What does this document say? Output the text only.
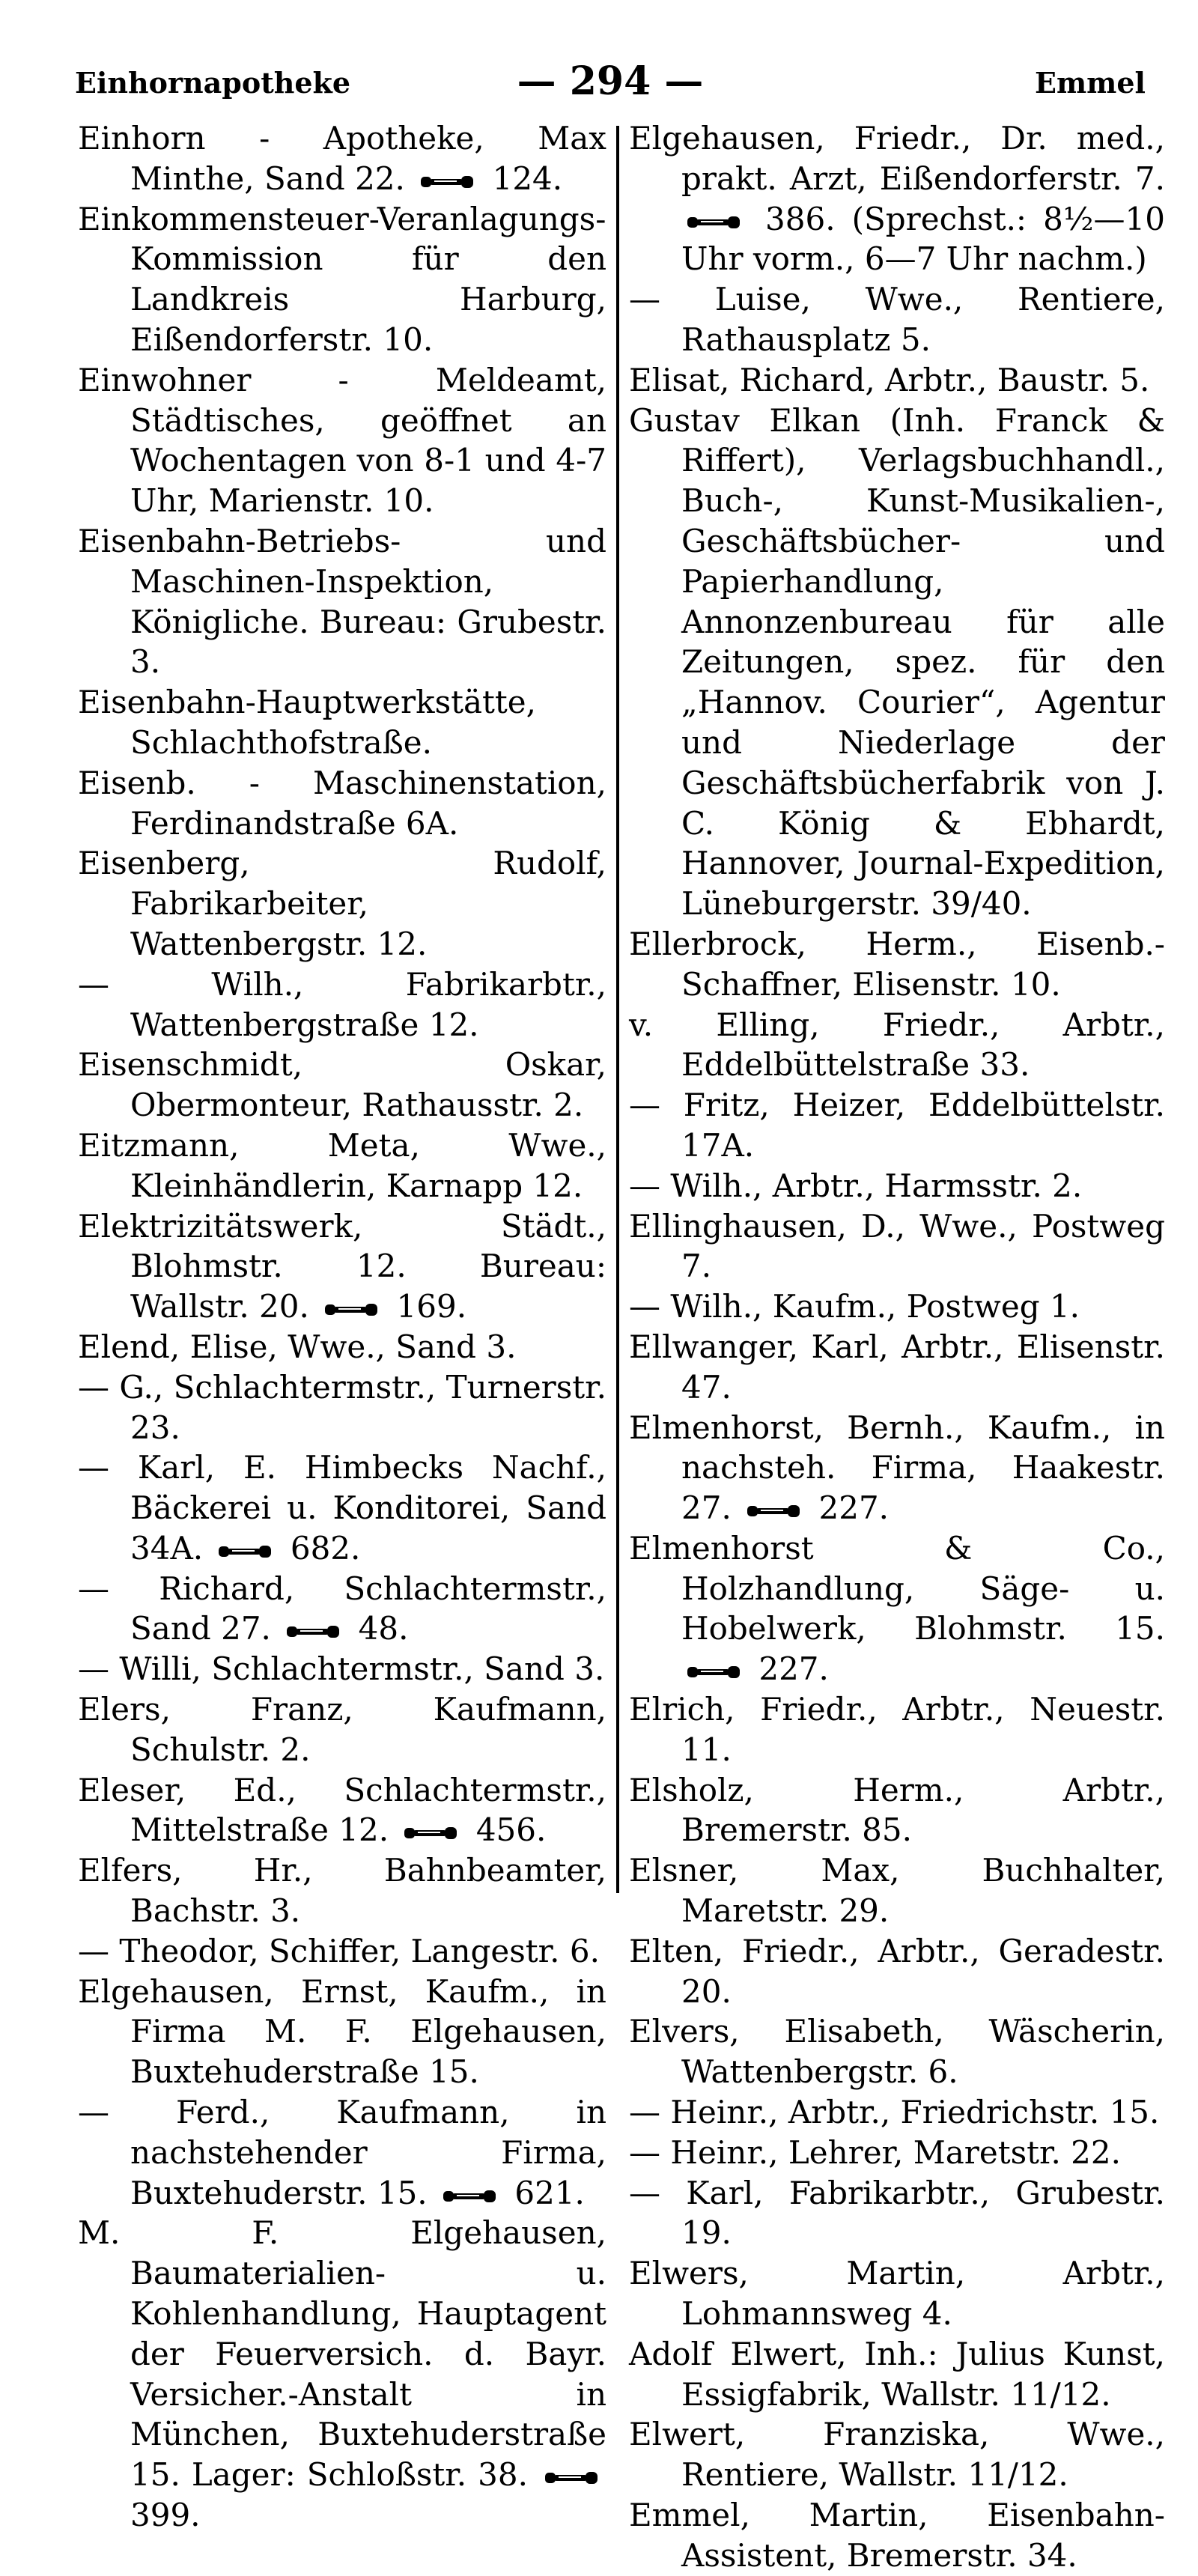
Einhornapotheke	— 294 —	Emmel

Einhorn - Apotheke, Max Minthe, Sand 22.	124.

Einkommensteuer-Veranlagungs-Kommission für den Landkreis Harburg, Eißendorferstr. 10.

Einwohner - Meldeamt, Städtisches, geöffnet an Wochentagen von 8-1 und 4-7 Uhr, Marienstr. 10.

Eisenbahn-Betriebs- und Maschinen-Inspektion, Königliche. Bureau: Grubestr. 3.

Eisenbahn-Hauptwerkstätte, Schlachthofstraße.

Eisenb. - Maschinenstation, Ferdinandstraße 6A.

Eisenberg, Rudolf, Fabrikarbeiter, Wattenbergstr. 12.

— Wilh., Fabrikarbtr., Wattenbergstraße 12.

Eisenschmidt, Oskar, Obermonteur, Rathausstr. 2.

Eitzmann, Meta, Wwe., Kleinhändlerin, Karnapp 12.

Elektrizitätswerk, Städt., Blohmstr. 12. Bureau: Wallstr. 20.	169.

Elend, Elise, Wwe., Sand 3.

— G., Schlachtermstr., Turnerstr. 23.

— Karl, E. Himbecks Nachf., Bäckerei u. Konditorei, Sand 34A.	682.

— Richard, Schlachtermstr., Sand 27.	48.

— Willi, Schlachtermstr., Sand 3.

Elers, Franz, Kaufmann, Schulstr. 2.

Eleser, Ed., Schlachtermstr., Mittelstraße 12.	456.

Elfers, Hr., Bahnbeamter, Bachstr. 3.

— Theodor, Schiffer, Langestr. 6.

Elgehausen, Ernst, Kaufm., in Firma M. F. Elgehausen, Buxtehuderstraße 15.

— Ferd., Kaufmann, in nachstehender Firma, Buxtehuderstr. 15.	621.

M. F. Elgehausen, Baumaterialien- u. Kohlenhandlung, Hauptagent der Feuerversich. d. Bayr. Versicher.-Anstalt in München, Buxtehuderstraße 15. Lager: Schloßstr. 38.
399.

Elgehausen, Friedr., Dr. med., prakt. Arzt, Eißendorferstr. 7.
386. (Sprechst.: 8½—10 Uhr vorm., 6—7 Uhr nachm.)

— Luise, Wwe., Rentiere, Rathausplatz 5.

Elisat, Richard, Arbtr., Baustr. 5.

Gustav Elkan (Inh. Franck & Riffert), Verlagsbuchhandl., Buch-, Kunst-Musikalien-, Geschäftsbücher- und Papierhandlung, Annonzenbureau für alle Zeitungen, spez. für den „Hannov. Courier“, Agentur und Niederlage der Geschäftsbücherfabrik von J. C. König & Ebhardt, Hannover, Journal-Expedition, Lüneburgerstr. 39/40.

Ellerbrock, Herm., Eisenb.-Schaffner, Elisenstr. 10.

v. Elling, Friedr., Arbtr., Eddelbüttelstraße 33.

— Fritz, Heizer, Eddelbüttelstr. 17A.

— Wilh., Arbtr., Harmsstr. 2.

Ellinghausen, D., Wwe., Postweg 7.

— Wilh., Kaufm., Postweg 1.

Ellwanger, Karl, Arbtr., Elisenstr. 47.

Elmenhorst, Bernh., Kaufm., in nachsteh. Firma, Haakestr. 27.	227.

Elmenhorst & Co., Holzhandlung, Säge- u. Hobelwerk, Blohmstr. 15.
227.

Elrich, Friedr., Arbtr., Neuestr. 11.

Elsholz, Herm., Arbtr., Bremerstr. 85.

Elsner, Max, Buchhalter, Maretstr. 29.

Elten, Friedr., Arbtr., Geradestr. 20.

Elvers, Elisabeth, Wäscherin, Wattenbergstr. 6.

— Heinr., Arbtr., Friedrichstr. 15.

— Heinr., Lehrer, Maretstr. 22.

— Karl, Fabrikarbtr., Grubestr. 19.

Elwers, Martin, Arbtr., Lohmannsweg 4.

Adolf Elwert, Inh.: Julius Kunst, Essigfabrik, Wallstr. 11/12.

Elwert, Franziska, Wwe., Rentiere, Wallstr. 11/12.

Emmel, Martin, Eisenbahn-Assistent, Bremerstr. 34.
